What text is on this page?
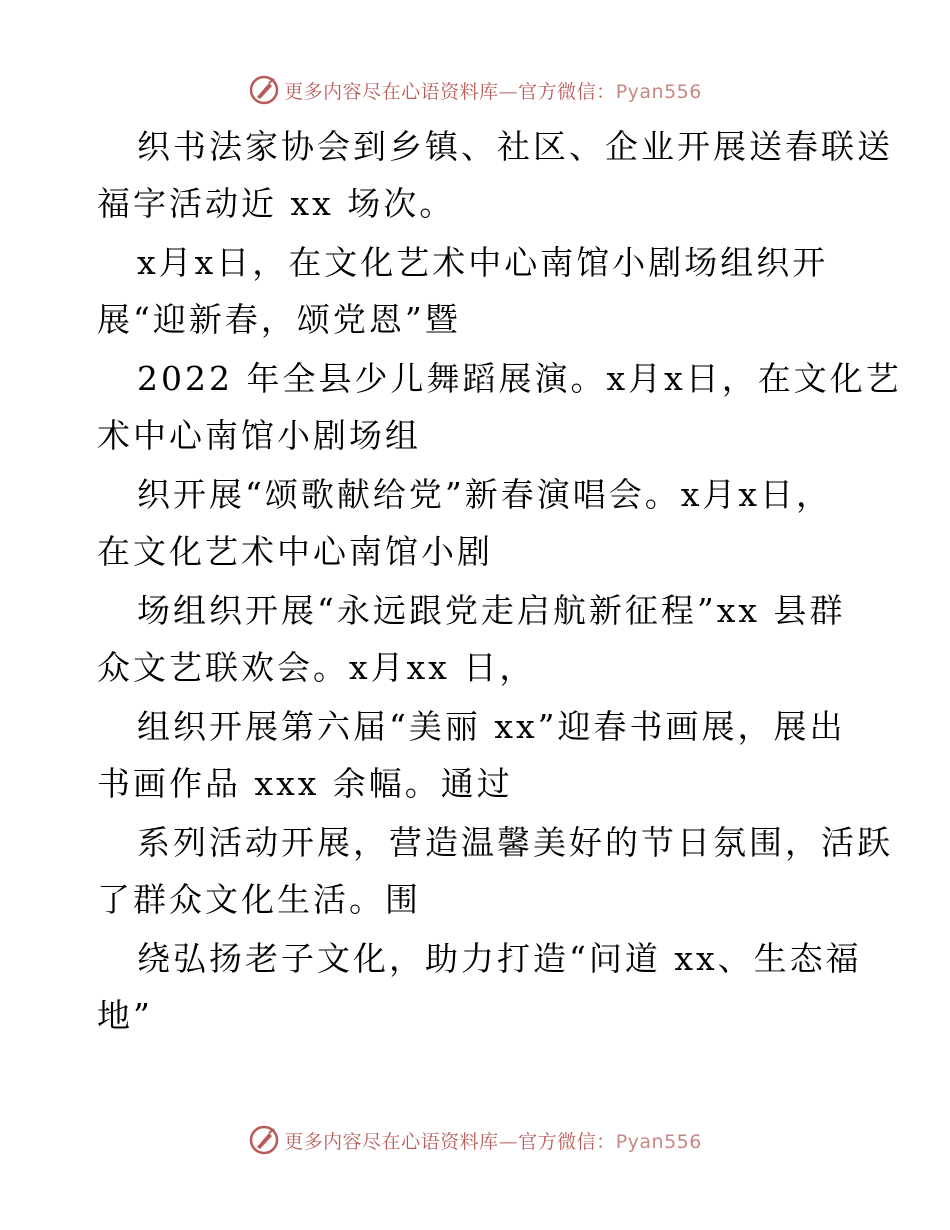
更多内容尽在心语资料库—官方微信：Pyan556
织书法家协会到乡镇、社区、企业开展送春联送
福字活动近 xx 场次。
x月x日，在文化艺术中心南馆小剧场组织开
展“迎新春，颂党恩”暨
2022 年全县少儿舞蹈展演。x月x日，在文化艺
术中心南馆小剧场组
织开展“颂歌献给党”新春演唱会。x月x日，
在文化艺术中心南馆小剧
场组织开展“永远跟党走启航新征程”xx 县群
众文艺联欢会。x月xx 日，
组织开展第六届“美丽 xx”迎春书画展，展出
书画作品 xxx 余幅。通过
系列活动开展，营造温馨美好的节日氛围，活跃
了群众文化生活。围
绕弘扬老子文化，助力打造“问道 xx、生态福
地”
更多内容尽在心语资料库—官方微信：Pyan556
